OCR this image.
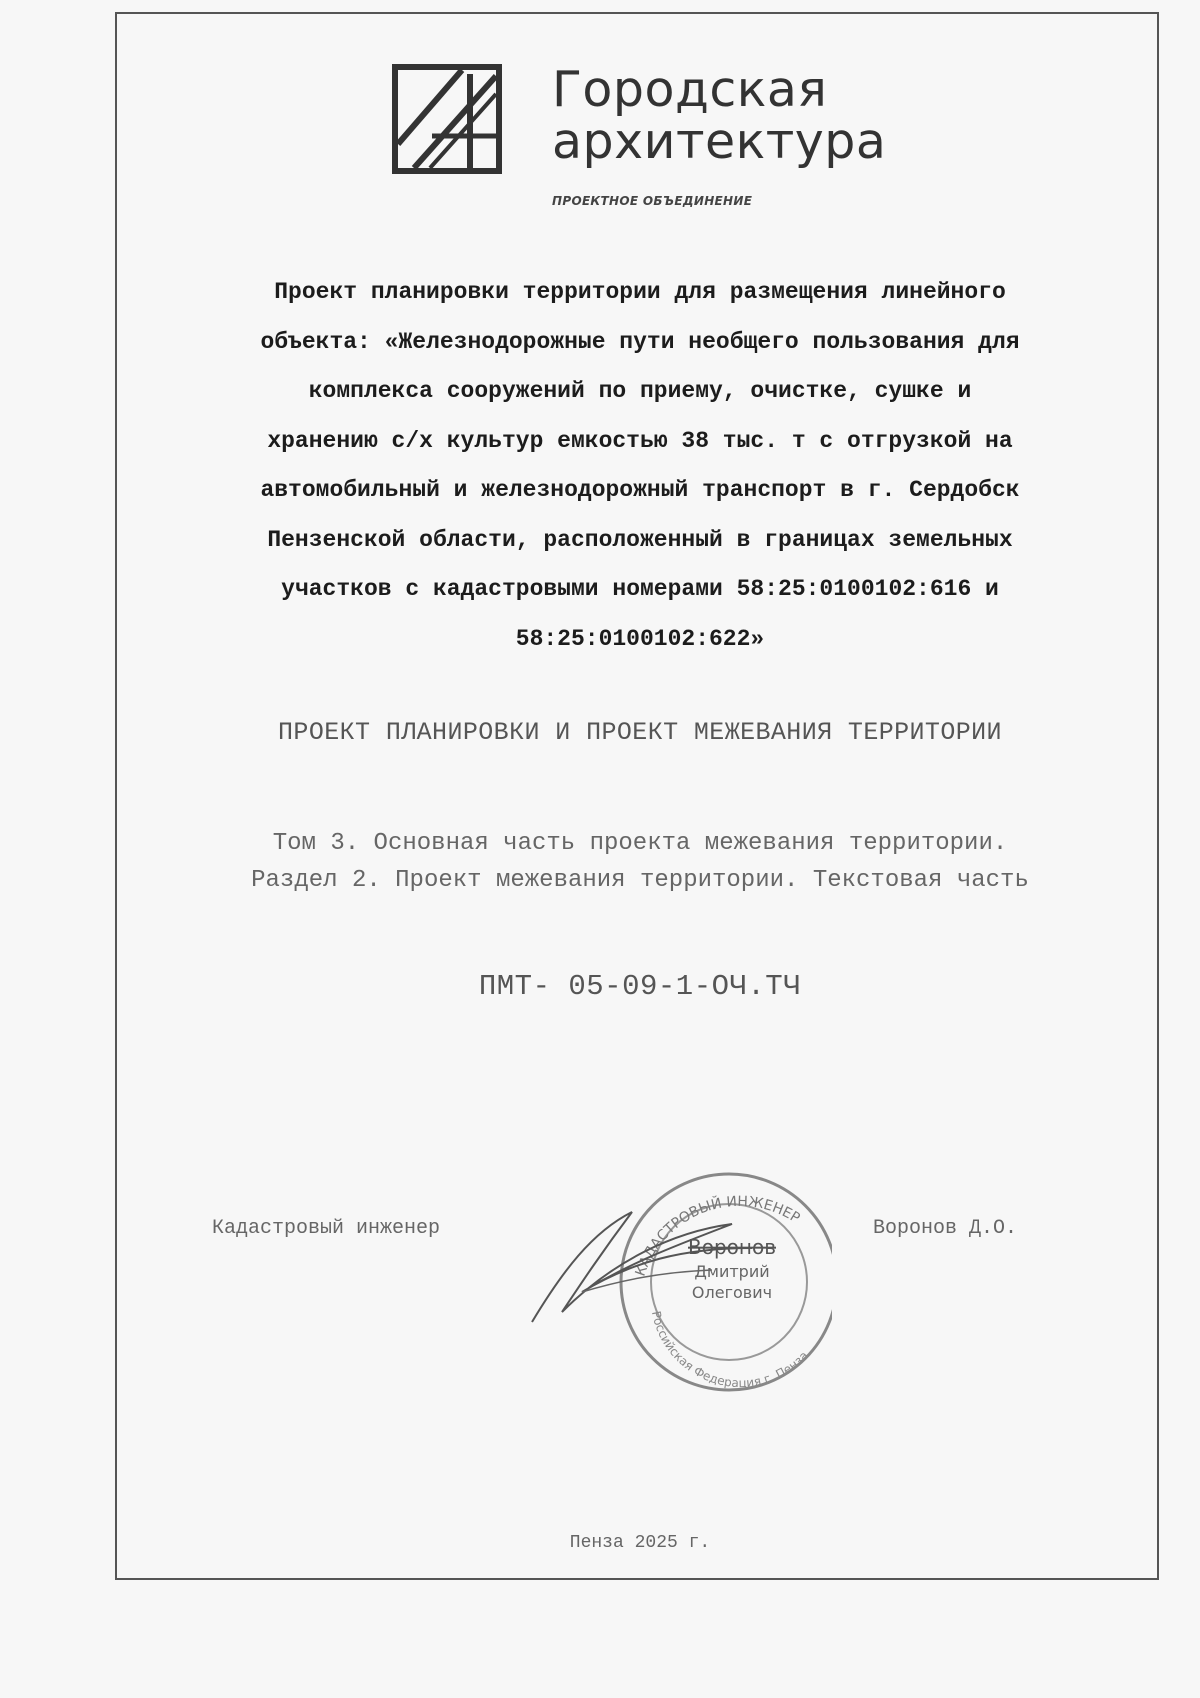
Городская
архитектура
ПРОЕКТНОЕ ОБЪЕДИНЕНИЕ
Проект планировки территории для размещения линейного
объекта: «Железнодорожные пути необщего пользования для
комплекса сооружений по приему, очистке, сушке и
хранению с/х культур емкостью 38 тыс. т с отгрузкой на
автомобильный и железнодорожный транспорт в г. Сердобск
Пензенской области, расположенный в границах земельных
участков с кадастровыми номерами 58:25:0100102:616 и
58:25:0100102:622»
ПРОЕКТ ПЛАНИРОВКИ И ПРОЕКТ МЕЖЕВАНИЯ ТЕРРИТОРИИ
Том 3. Основная часть проекта межевания территории.
Раздел 2. Проект межевания территории. Текстовая часть
ПМТ- 05-09-1-ОЧ.ТЧ
Кадастровый инженер
КАДАСТРОВЫЙ ИНЖЕНЕР
Российская Федерация г. Пенза
Воронов
Дмитрий
Олегович
Воронов Д.О.
Пенза 2025 г.
